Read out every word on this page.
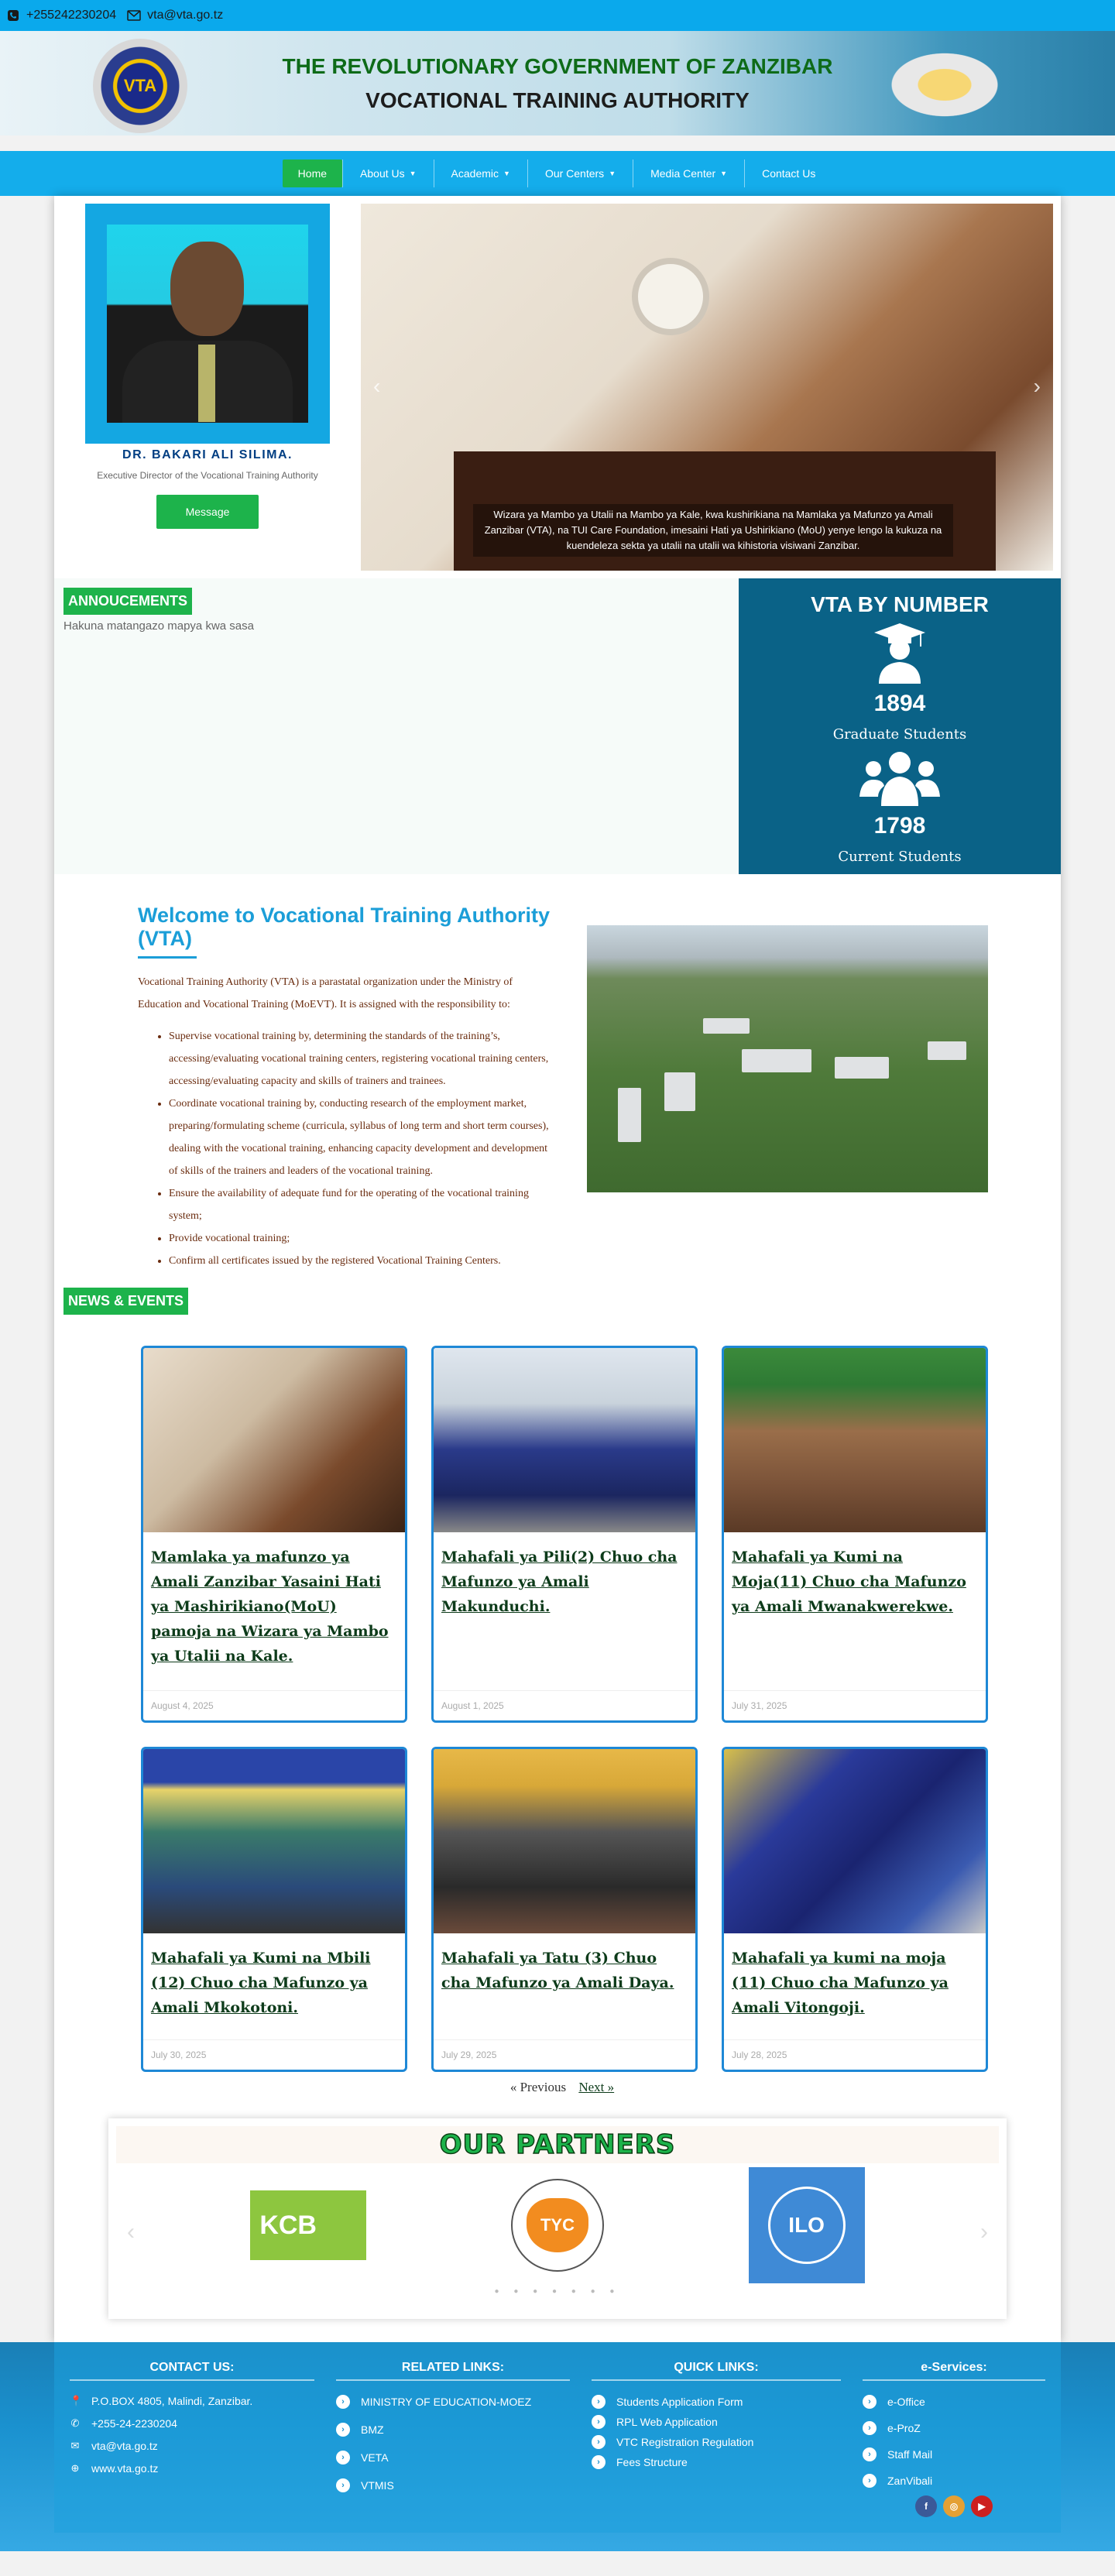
+255242230204	vta@vta.go.tz
VTA
THE REVOLUTIONARY GOVERNMENT OF ZANZIBAR
VOCATIONAL TRAINING AUTHORITY
Home	About Us ▼	Academic ▼	Our Centers ▼	Media Center ▼	Contact Us
DR. BAKARI ALI SILIMA.
Executive Director of the Vocational Training Authority
Message
‹	›
Wizara ya Mambo ya Utalii na Mambo ya Kale, kwa kushirikiana na Mamlaka ya Mafunzo ya Amali Zanzibar (VTA), na TUI Care Foundation, imesaini Hati ya Ushirikiano (MoU) yenye lengo la kukuza na kuendeleza sekta ya utalii na utalii wa kihistoria visiwani Zanzibar.
ANNOUCEMENTS
Hakuna matangazo mapya kwa sasa
VTA BY NUMBER
1894
Graduate Students
1798
Current Students
Welcome to Vocational Training Authority (VTA)

Vocational Training Authority (VTA) is a parastatal organization under the Ministry of Education and Vocational Training (MoEVT). It is assigned with the responsibility to:

• Supervise vocational training by, determining the standards of the training’s, accessing/evaluating vocational training centers, registering vocational training centers, accessing/evaluating capacity and skills of trainers and trainees.
• Coordinate vocational training by, conducting research of the employment market, preparing/formulating scheme (curricula, syllabus of long term and short term courses), dealing with the vocational training, enhancing capacity development and development of skills of the trainers and leaders of the vocational training.
• Ensure the availability of adequate fund for the operating of the vocational training system;
• Provide vocational training;
• Confirm all certificates issued by the registered Vocational Training Centers.
NEWS & EVENTS
Mamlaka ya mafunzo ya Amali Zanzibar Yasaini Hati ya Mashirikiano(MoU) pamoja na Wizara ya Mambo ya Utalii na Kale.
August 4, 2025
Mahafali ya Pili(2) Chuo cha Mafunzo ya Amali Makunduchi.
August 1, 2025
Mahafali ya Kumi na Moja(11) Chuo cha Mafunzo ya Amali Mwanakwerekwe.
July 31, 2025
Mahafali ya Kumi na Mbili (12) Chuo cha Mafunzo ya Amali Mkokotoni.
July 30, 2025
Mahafali ya Tatu (3) Chuo cha Mafunzo ya Amali Daya.
July 29, 2025
Mahafali ya kumi na moja (11) Chuo cha Mafunzo ya Amali Vitongoji.
July 28, 2025
« Previous Next »
OUR PARTNERS
‹	›
KCB	TYC	ILO
● ● ● ● ● ● ●
CONTACT US:
📍 P.O.BOX 4805, Malindi, Zanzibar.
✆ +255-24-2230204
✉ vta@vta.go.tz
⊕ www.vta.go.tz
RELATED LINKS:
›	MINISTRY OF EDUCATION-MOEZ
›	BMZ
›	VETA
›	VTMIS
QUICK LINKS:
›	Students Application Form
›	RPL Web Application
›	VTC Registration Regulation
›	Fees Structure
e-Services:
›	e-Office
›	e-ProZ
›	Staff Mail
›	ZanVibali
f	◎	▶
